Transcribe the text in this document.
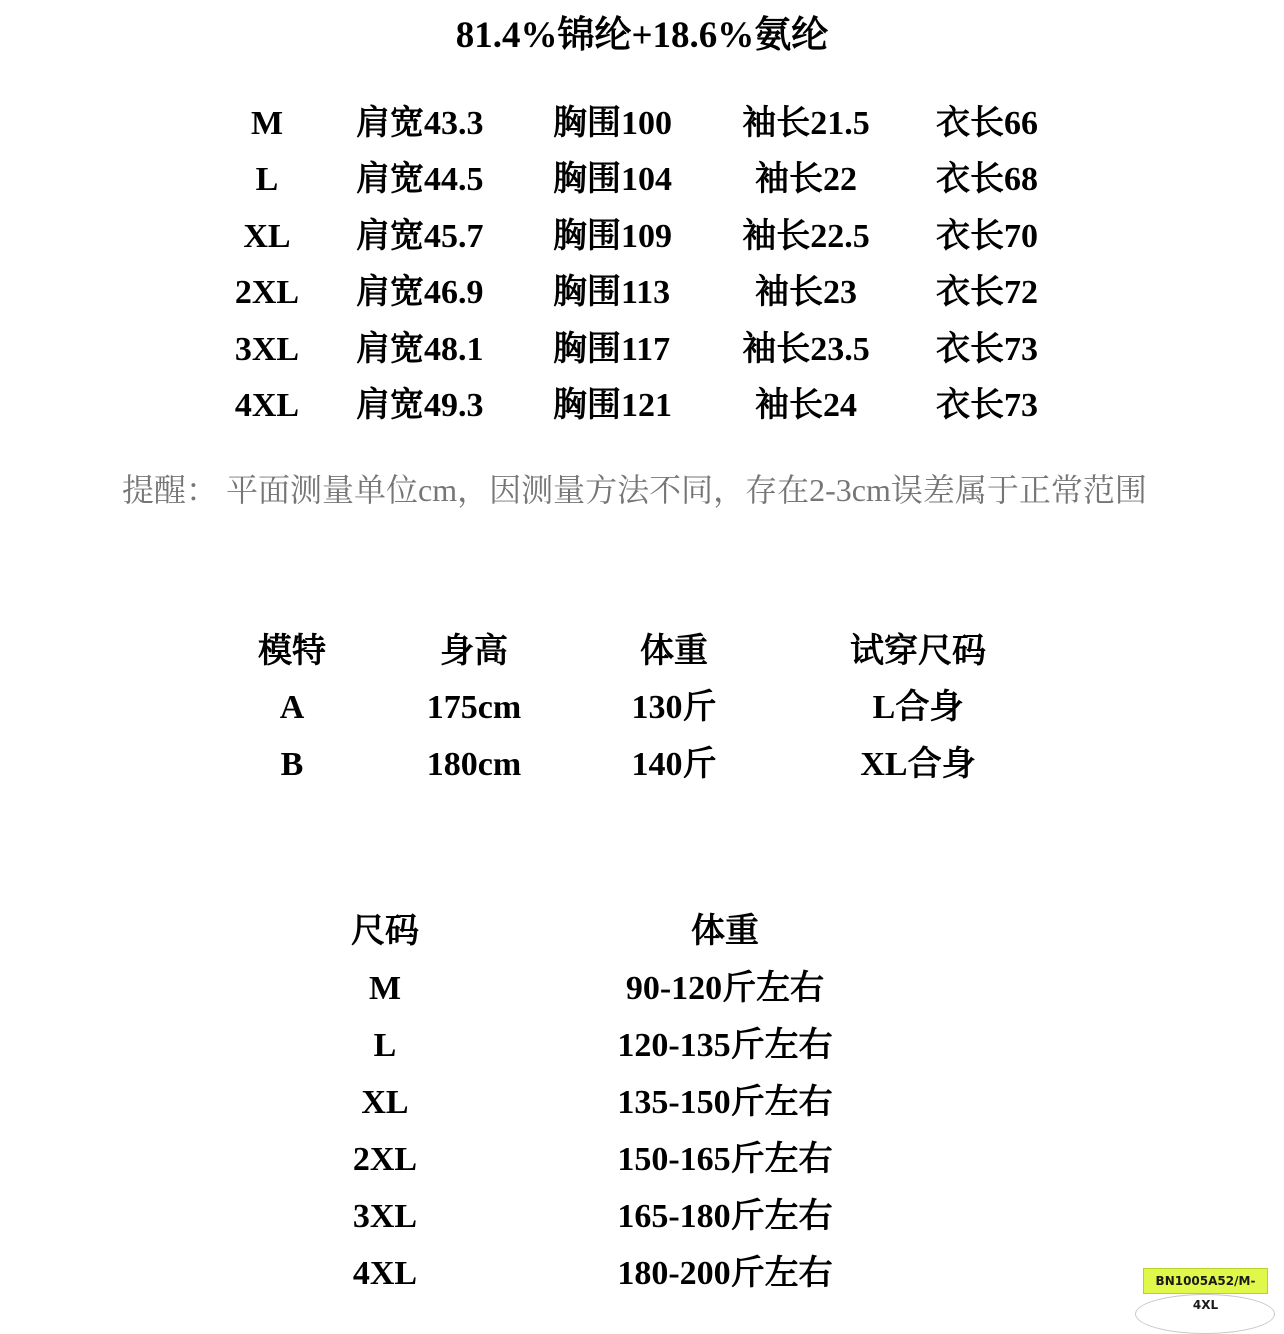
81.4%锦纶+18.6%氨纶
M	肩宽43.3 胸围100	袖长21.5	衣长66
L	肩宽44.5 胸围104	袖长22	衣长68
XL	肩宽45.7 胸围109	袖长22.5	衣长70
2XL	肩宽46.9 胸围113	袖长23	衣长72
3XL	肩宽48.1 胸围117	袖长23.5	衣长73
4XL	肩宽49.3 胸围121	袖长24	衣长73
提醒： 平面测量单位cm，因测量方法不同，存在2-3cm误差属于正常范围
模特	身高	体重	试穿尺码
A	175cm	130斤	L合身
B	180cm	140斤	XL合身
尺码	体重
M	90-120斤左右
L	120-135斤左右
XL	135-150斤左右
2XL	150-165斤左右
3XL	165-180斤左右
4XL	180-200斤左右	BN1005A52/M-4XL
